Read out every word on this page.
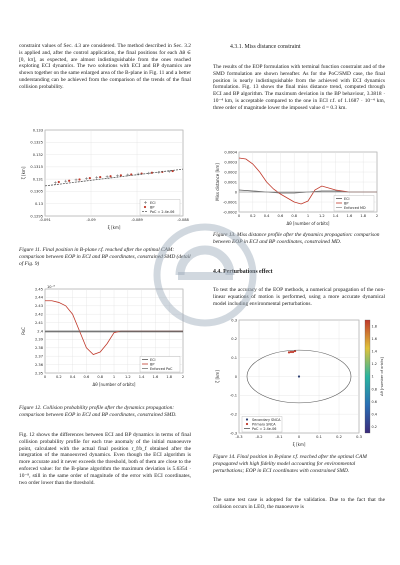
constraint values of Sec. 4.3 are considered. The method described in Sec. 3.2 is applied and, after the control application, the final positions for each Δθ ∈ [0, kπ], as expected, are almost indistinguishable from the ones reached exploting ECI dynamics. The two solutions with ECI and BP dynamics are shown together on the same enlarged area of the B-plane in Fig. 11 and a better understanding can be achieved from the comparison of the trends of the final collision probability.

-0.091	-0.09	-0.089	-0.088
0.133
0.1325
0.132
0.1315
0.131
0.1305
0.13
0.1295
ξ [km]
ζ [km]
ECI
BP
PoC = 2.4e-06

Figure 11. Final position in B-plane r.f. reached after the optimal CAM: comparison between EOP in ECI and BP coordinates, constrained SMD (detail of Fig. 9)

0	0.2 0.4 0.6 0.8	1	1.2 1.4 1.6 1.8	2
2.45
2.44
2.43
2.42
2.41
2.4
2.39
2.38
2.37
2.36
2.35
Δθ [number of orbits]
PoC
10⁻⁶
ECI
BP
Enforced PoC

Figure 12. Collision probability profile after the dynamics propagation: comparison between EOP in ECI and BP coordinates, constrained SMD.

Fig. 12 shows the differences between ECI and BP dynamics in terms of final collision probability profile for each true anomaly of the initial manoeuvre point, calculated with the actual final position r_f/b_f obtained after the integration of the manoeuvred dynamics. Even though the ECI algorithm is more accurate and it never exceeds the threshold, both of them are close to the enforced value: for the B-plane algorithm the maximum deviation is 5.6354 · 10⁻⁸, still in the same order of magnitude of the error with ECI coordinates, two order lower than the threshold.

4.3.1. Miss distance constraint

The results of the EOP formulation with terminal function constraint and of the SMD formulation are shown hereafter. As for the PoC/SMD case, the final position is nearly indistinguishable from the achieved with ECI dynamics formulation. Fig. 13 shows the final miss distance trend, computed through ECI and BP algorithm. The maximum deviation in the BP behaviour, 3.3818 · 10⁻⁴ km, is acceptable compared to the one in ECI r.f. of 1.1687 · 10⁻⁴ km, three order of magnitude lower the imposed value d = 0.3 km.

0	0.2 0.4 0.6 0.8	1	1.2 1.4 1.6 1.8	2
0.0004
0.0003
0.0002
0.0001
0
-0.0001
-0.0002
Δθ [number of orbits]
Miss distance [km]	ECI
BP
Enforced MD

Figure 13. Miss distance profile after the dynamics propagation: comparison between EOP in ECI and BP coordinates, constrained MD.

4.4. Perturbations effect

To test the accuracy of the EOP methods, a numerical propagation of the non-linear equations of motion is performed, using a more accurate dynamical model including environmental perturbations.

-0.3	-0.2	-0.1	0	0.1	0.2	0.3
0.3
0.2
0.1
0
-0.1
-0.2
-0.3
ξ [km]
ζ [km]
1.8
1.6
1.4
1.2
1
0.8
0.6
0.4
0.2
Δθ [number of orbits]
Secondary SNCA
Primary SNCA
PoC = 2.4e-06

Figure 14. Final position in B-plane r.f. reached after the optimal CAM propagated with high fidelity model accounting for environmental perturbations; EOP in ECI coordinates with constrained SMD.

The same test case is adopted for the validation. Due to the fact that the collision occurs in LEO, the manoeuvre is
